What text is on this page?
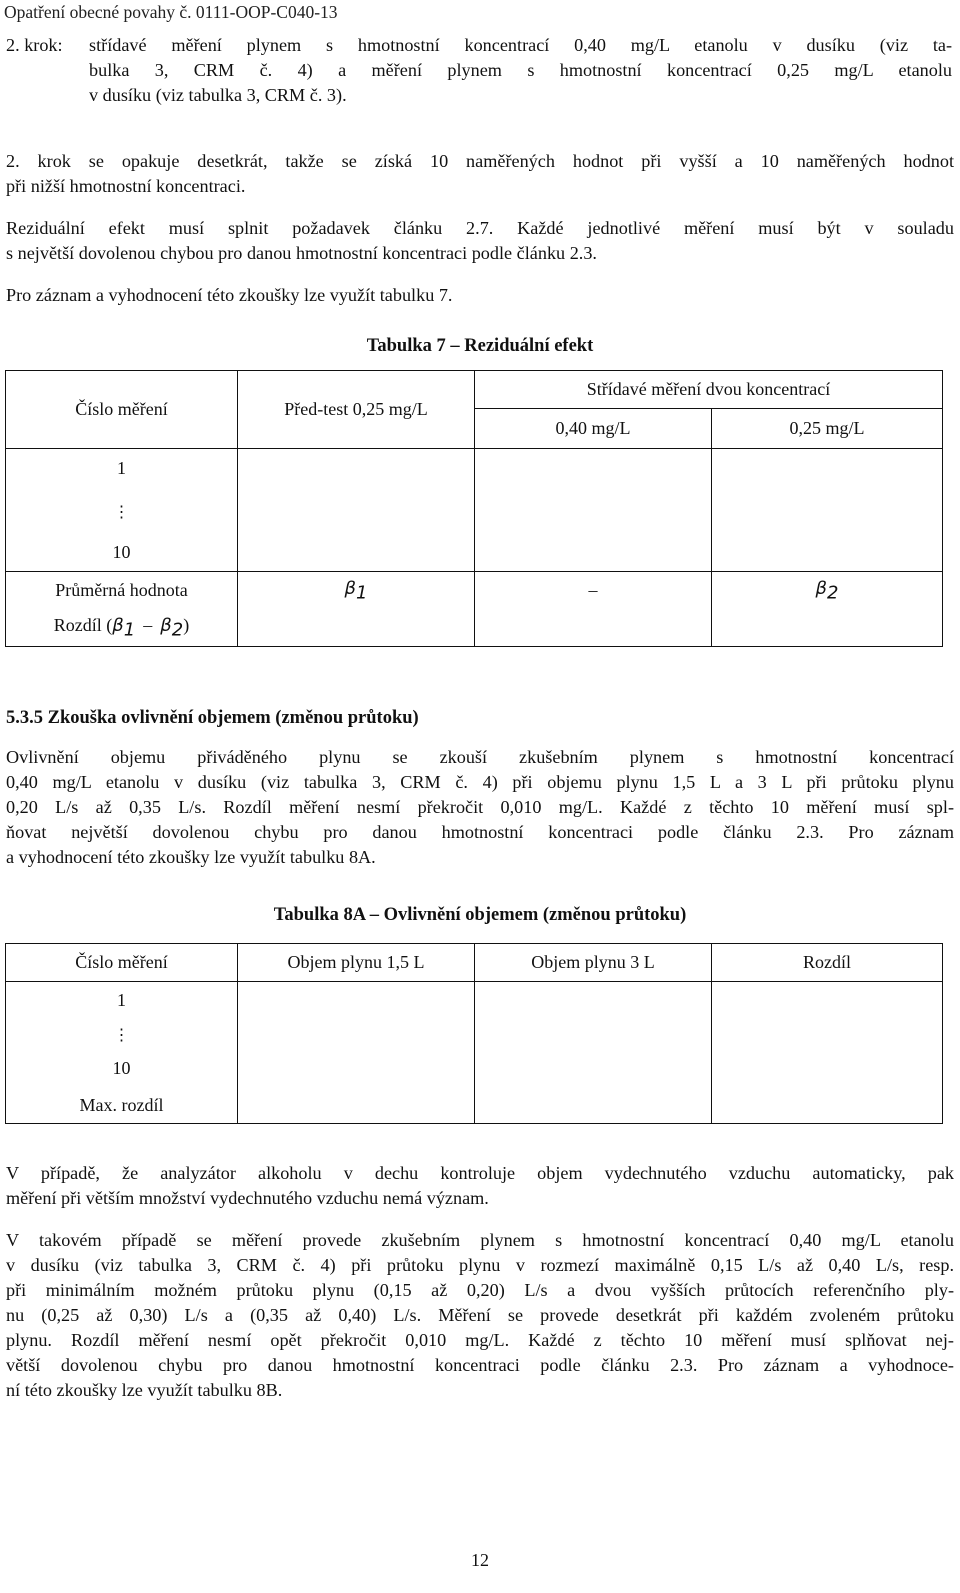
Opatření obecné povahy č. 0111-OOP-C040-13
2. krok: střídavé měření plynem s hmotnostní koncentrací 0,40 mg/L etanolu v dusíku (viz ta-
bulka 3, CRM č. 4) a měření plynem s hmotnostní koncentrací 0,25 mg/L etanolu
v dusíku (viz tabulka 3, CRM č. 3).
2. krok se opakuje desetkrát, takže se získá 10 naměřených hodnot při vyšší a 10 naměřených hodnot
při nižší hmotnostní koncentraci.
Reziduální efekt musí splnit požadavek článku 2.7. Každé jednotlivé měření musí být v souladu
s největší dovolenou chybou pro danou hmotnostní koncentraci podle článku 2.3.
Pro záznam a vyhodnocení této zkoušky lze využít tabulku 7.
Tabulka 7 – Reziduální efekt
Číslo měření	Před-test 0,25 mg/L	Střídavé měření dvou koncentrací	
		0,40 mg/L	0,25 mg/L
1			
⋮			
10			
Průměrná hodnota	$\beta_1$	–	$\beta_2$
Rozdíl $(\beta_1 - \beta_2)$			
5.3.5 Zkouška ovlivnění objemem (změnou průtoku)
Ovlivnění objemu přiváděného plynu se zkouší zkušebním plynem s hmotnostní koncentrací
0,40 mg/L etanolu v dusíku (viz tabulka 3, CRM č. 4) při objemu plynu 1,5 L a 3 L při průtoku plynu
0,20 L/s až 0,35 L/s. Rozdíl měření nesmí překročit 0,010 mg/L. Každé z těchto 10 měření musí spl-
ňovat největší dovolenou chybu pro danou hmotnostní koncentraci podle článku 2.3. Pro záznam
a vyhodnocení této zkoušky lze využít tabulku 8A.
Tabulka 8A – Ovlivnění objemem (změnou průtoku)
Číslo měření	Objem plynu 1,5 L	Objem plynu 3 L	Rozdíl
1			
⋮			
10			
Max. rozdíl			
V případě, že analyzátor alkoholu v dechu kontroluje objem vydechnutého vzduchu automaticky, pak
měření při větším množství vydechnutého vzduchu nemá význam.
V takovém případě se měření provede zkušebním plynem s hmotnostní koncentrací 0,40 mg/L etanolu
v dusíku (viz tabulka 3, CRM č. 4) při průtoku plynu v rozmezí maximálně 0,15 L/s až 0,40 L/s, resp.
při minimálním možném průtoku plynu (0,15 až 0,20) L/s a dvou vyšších průtocích referenčního ply-
nu (0,25 až 0,30) L/s a (0,35 až 0,40) L/s. Měření se provede desetkrát při každém zvoleném průtoku
plynu. Rozdíl měření nesmí opět překročit 0,010 mg/L. Každé z těchto 10 měření musí splňovat nej-
větší dovolenou chybu pro danou hmotnostní koncentraci podle článku 2.3. Pro záznam a vyhodnoce-
ní této zkoušky lze využít tabulku 8B.
12
